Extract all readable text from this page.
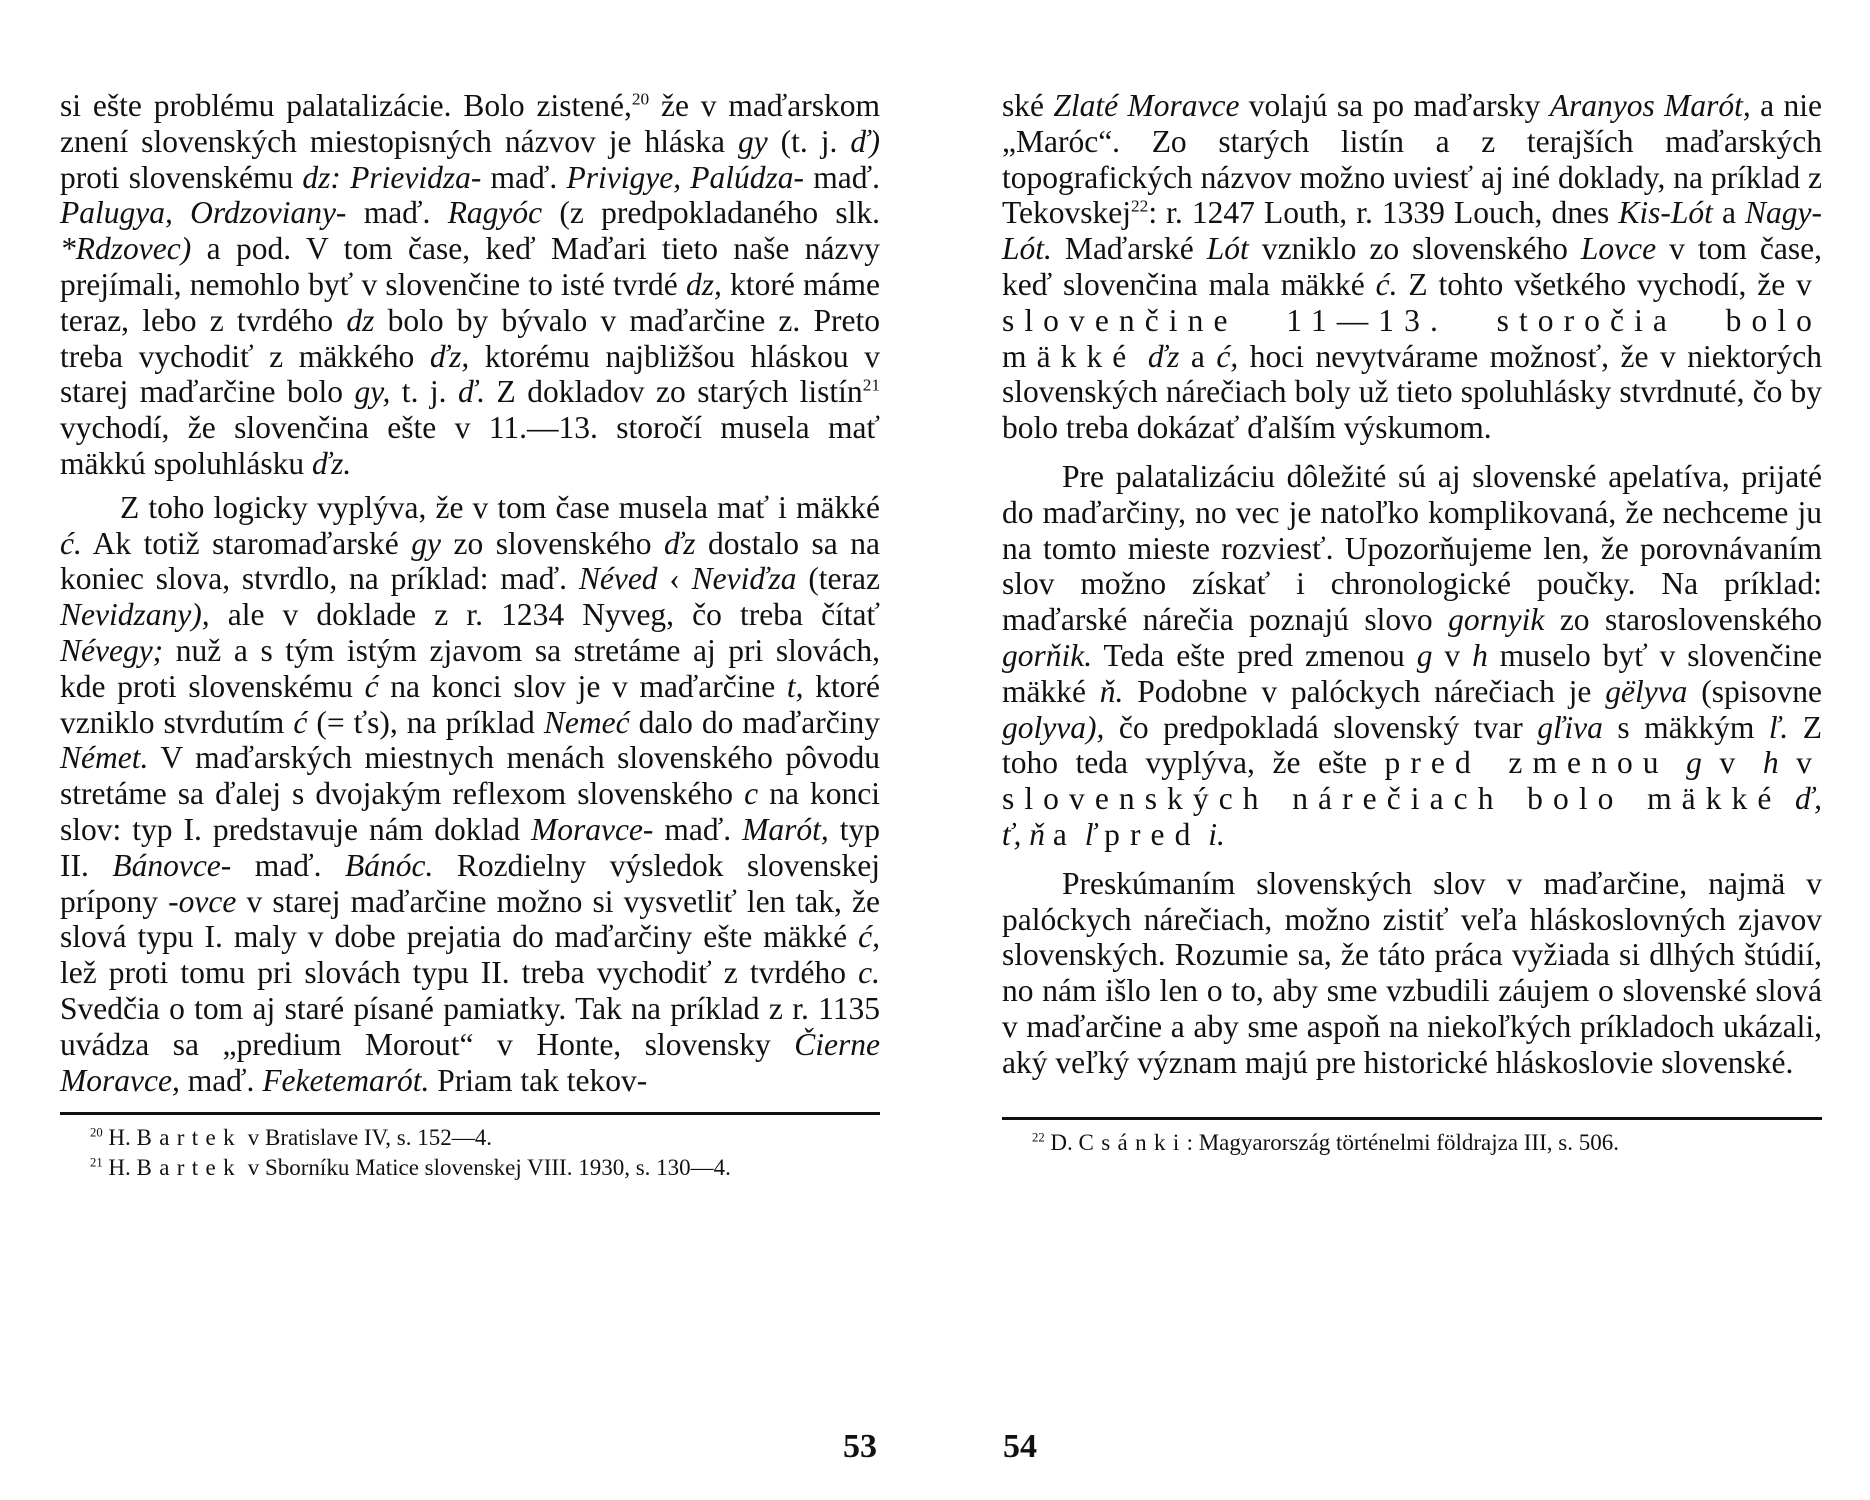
si ešte problému palatalizácie. Bolo zistené,$^{20}$ že v maďarskom znení slovenských miestopisných názvov je hláska gy (t. j. ď) proti slovenskému dz: Prievidza- maď. Privigye, Palúdza- maď. Palugya, Ordzovianу- maď. Ragyóc (z predpokladaného slk. *Rdzovec) a pod. V tom čase, keď Maďari tieto naše názvy prejímali, nemohlo byť v slovenčine to isté tvrdé dz, ktoré máme teraz, lebo z tvrdého dz bolo by bývalo v maďarčine z. Preto treba vychodiť z mäkkého ďz, ktorému najbližšou hláskou v starej maďarčine bolo gy, t. j. ď. Z dokladov zo starých listín$^{21}$ vychodí, že slovenčina ešte v 11.—13. storočí musela mať mäkkú spoluhlásku ďz.

Z toho logicky vyplýva, že v tom čase musela mať i mäkké ć. Ak totiž staromaďarské gy zo slovenského ďz dostalo sa na koniec slova, stvrdlo, na príklad: maď. Néved ‹ Neviďza (teraz Nevidzany), ale v doklade z r. 1234 Nyveg, čo treba čítať Névegy; nuž a s tým istým zjavom sa stretáme aj pri slovách, kde proti slovenskému ć na konci slov je v maďarčine t, ktoré vzniklo stvrdutím ć (= ťs), na príklad Nemeć dalo do maďarčiny Német. V maďarských miestnych menách slovenského pôvodu stretáme sa ďalej s dvojakým reflexom slovenského c na konci slov: typ I. predstavuje nám doklad Moravce- maď. Marót, typ II. Bánovce- maď. Bánóc. Rozdielny výsledok slovenskej prípony -ovce v starej maďarčine možno si vysvetliť len tak, že slová typu I. maly v dobe prejatia do maďarčiny ešte mäkké ć, lež proti tomu pri slovách typu II. treba vychodiť z tvrdého c. Svedčia o tom aj staré písané pamiatky. Tak na príklad z r. 1135 uvádza sa „predium Morout“ v Honte, slovensky Čierne Moravce, maď. Feketemarót. Priam tak tekov-

$^{20}$ H. Bartek v Bratislave IV, s. 152—4.
$^{21}$ H. Bartek v Sborníku Matice slovenskej VIII. 1930, s. 130—4.
53

ské Zlaté Moravce volajú sa po maďarsky Aranyos Marót, a nie „Maróc“. Zo starých listín a z terajších maďarských topografických názvov možno uviesť aj iné doklady, na príklad z Tekovskej$^{22}$: r. 1247 Louth, r. 1339 Louch, dnes Kis-Lót a Nagy-Lót. Maďarské Lót vzniklo zo slovenského Lovce v tom čase, keď slovenčina mala mäkké ć. Z tohto všetkého vychodí, že v slovenčine 11—13. storočia bolo mäkké ďz a ć, hoci nevytvárame možnosť, že v niektorých slovenských nárečiach boly už tieto spoluhlásky stvrdnuté, čo by bolo treba dokázať ďalším výskumom.

Pre palatalizáciu dôležité sú aj slovenské apelatíva, prijaté do maďarčiny, no vec je natoľko komplikovaná, že nechceme ju na tomto mieste rozviesť. Upozorňujeme len, že porovnávaním slov možno získať i chronologické poučky. Na príklad: maďarské nárečia poznajú slovo gornyik zo staroslovenského gorňik. Teda ešte pred zmenou g v h muselo byť v slovenčine mäkké ň. Podobne v palóckych nárečiach je gëlyva (spisovne golyva), čo predpokladá slovenský tvar gľiva s mäkkým ľ. Z toho teda vyplýva, že ešte pred zmenou g v h v slovenských nárečiach bolo mäkké ď, ť, ň a ľ pred i.

Preskúmaním slovenských slov v maďarčine, najmä v palóckych nárečiach, možno zistiť veľa hláskoslovných zjavov slovenských. Rozumie sa, že táto práca vyžiada si dlhých štúdií, no nám išlo len o to, aby sme vzbudili záujem o slovenské slová v maďarčine a aby sme aspoň na niekoľkých príkladoch ukázali, aký veľký význam majú pre historické hláskoslovie slovenské.

$^{22}$ D. Csánki: Magyarország történelmi földrajza III, s. 506.
54
